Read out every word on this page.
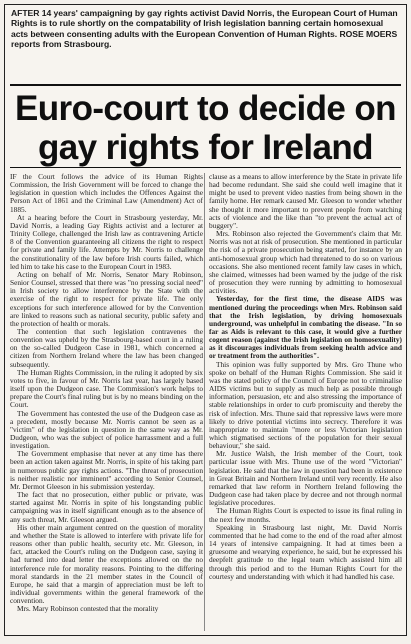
AFTER 14 years' campaigning by gay rights activist David Norris, the European Court of Human Rights is to rule shortly on the compatability of Irish legislation banning certain homosexual acts between consenting adults with the European Convention of Human Rights. ROSE MOERS reports from Strasbourg.
Euro-court to decide on gay rights for Ireland

IF the Court follows the advice of its Human Rights Commission, the Irish Government will be forced to change the legislation in question which includes the Offences Against the Person Act of 1861 and the Criminal Law (Amendment) Act of 1885.

At a hearing before the Court in Strasbourg yesterday, Mr. David Norris, a leading Gay Rights activist and a lecturer at Trinity College, challenged the Irish law as contravening Article 8 of the Convention guaranteeing all citizens the right to respect for private and family life. Attempts by Mr. Norris to challenge the constitutionality of the law before Irish courts failed, which led him to take his case to the European Court in 1983.

Acting on behalf of Mr. Norris, Senator Mary Robinson, Senior Counsel, stressed that there was "no pressing social need" in Irish society to allow interference by the State with the exercise of the right to respect for private life. The only exceptions for such interference allowed for by the Convention are linked to reasons such as national security, public safety and the protection of health or morals.

The contention that such legislation contravenes the convention was upheld by the Strasbourg-based court in a ruling on the so-called Dudgeon Case in 1981, which concerned a citizen from Northern Ireland where the law has been changed subsequently.

The Human Rights Commission, in the ruling it adopted by six votes to five, in favour of Mr. Norris last year, has largely based itself upon the Dudgeon case. The Commission's work helps to prepare the Court's final ruling but is by no means binding on the Court.

The Government has contested the use of the Dudgeon case as a precedent, mostly because Mr. Norris cannot be seen as a "victim" of the legislation in question in the same way as Mr. Dudgeon, who was the subject of police harrassment and a full investigation.

The Government emphasise that never at any time has there been an action taken against Mr. Norris, in spite of his taking part in numerous public gay rights actions. "The threat of prosecution is neither realistic nor imminent" according to Senior Counsel, Mr. Dermot Gleeson in his submission yesterday.

The fact that no prosecution, either public or private, was started against Mr. Norris in spite of his longstanding public campaigning was in itself significant enough as to the absence of any such threat, Mr. Gleeson argued.

His other main argument centred on the question of morality and whether the State is allowed to interfere with private life for reasons other than public health, security etc. Mr. Gleeson, in fact, attacked the Court's ruling on the Dudgeon case, saying it had turned into dead letter the exceptions allowed on the no interference rule for morality reasons. Pointing to the differing moral standards in the 21 member states in the Council of Europe, he said that a margin of appreciation must be left to individual governments within the general framework of the convention.

Mrs. Mary Robinson contested that the morality

clause as a means to allow interference by the State in private life had become redundant. She said she could well imagine that it might be used to prevent video nasties from being shown in the family home. Her remark caused Mr. Gleeson to wonder whether she thought it more important to prevent people from watching acts of violence and the like than "to prevent the actual act of buggery".

Mrs. Robinson also rejected the Government's claim that Mr. Norris was not at risk of prosecution. She mentioned in particular the risk of a private prosecution being started, for instance by an anti-homosexual group which had threatened to do so on various occasions. She also mentioned recent family law cases in which, she claimed, witnesses had been warned by the judge of the risk of prosecution they were running by admitting to homosexual activities.

Yesterday, for the first time, the disease AIDS was mentioned during the proceedings when Mrs. Robinson said that the Irish legislation, by driving homosexuals underground, was unhelpful in combating the disease. "In so far as Aids is relevant to this case, it would give a further cogent reason (against the Irish legislation on homosexuality) as it discourages individuals from seeking health advice and or treatment from the authorities".

This opinion was fully supported by Mrs. Gro Thune who spoke on behalf of the Human Rights Commission. She said it was the stated policy of the Council of Europe not to criminalise AIDS victims but to supply as much help as possible through information, persuasion, etc and also stressing the importance of stable relationships in order to curb promiscuity and thereby the risk of infection. Mrs. Thune said that repressive laws were more likely to drive potential victims into secrecy. Therefore it was inappropriate to maintain "more or less Victorian legislation which stigmatised sections of the population for their sexual behaviour," she said.

Mr. Justice Walsh, the Irish member of the Court, took particular issue with Mrs. Thune use of the word "Victorian" legislation. He said that the law in question had been in existence in Great Britain and Northern Ireland until very recently. He also remarked that law reform in Northern Ireland following the Dudgeon case had taken place by decree and not through normal legislative procedures.

The Human Rights Court is expected to issue its final ruling in the next few months.

Speaking in Strasbourg last night, Mr. David Norris commented that he had come to the end of the road after almost 14 years of intensive campaigning. It had at times been a gruesome and wearying experience, he said, but he expressed his deepfelt gratitude to the legal team which assisted him all through this period and to the Human Rights Court for the courtesy and understanding with which it had handled his case.
